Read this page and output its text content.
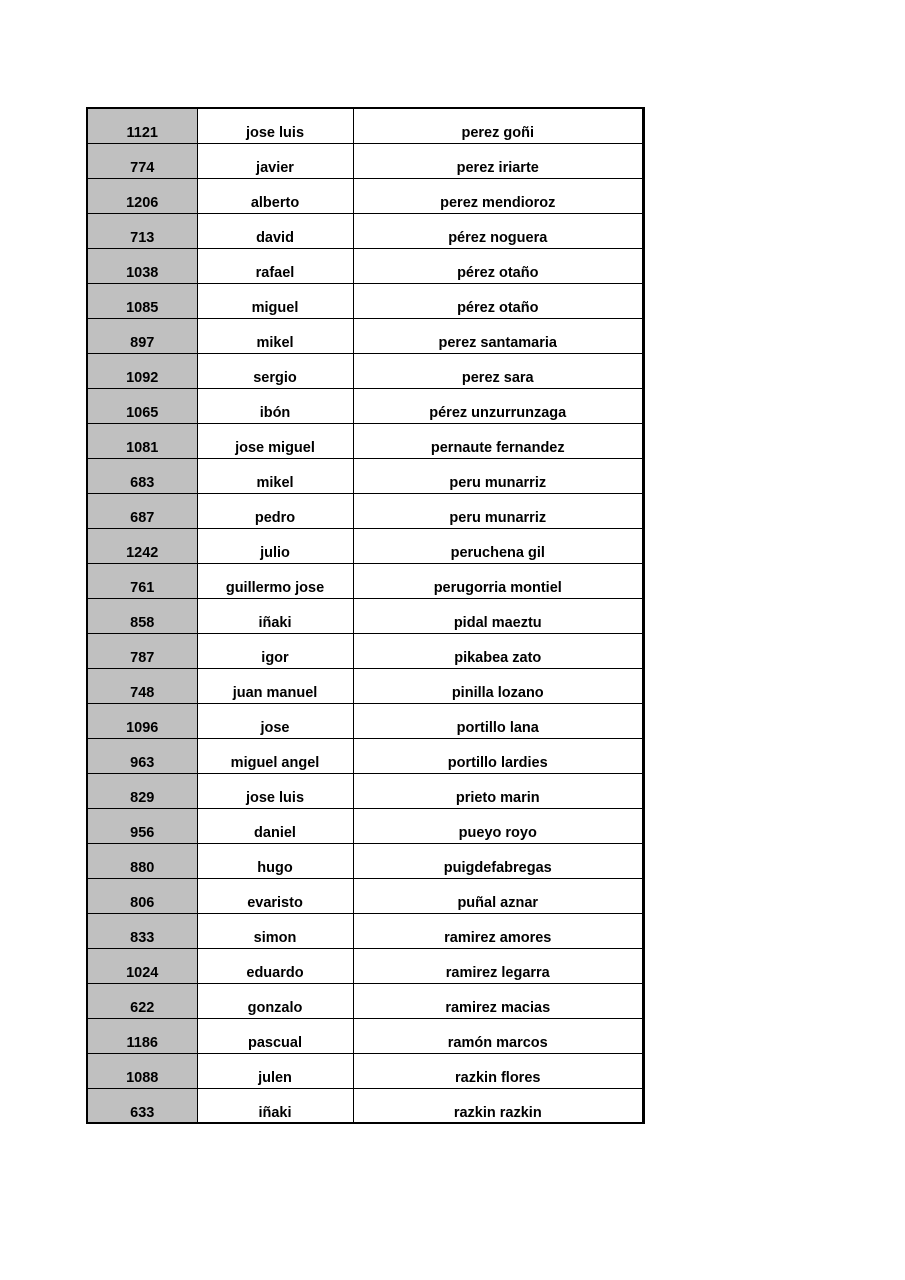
1121	jose luis	perez goñi
774	javier	perez iriarte
1206	alberto	perez mendioroz
713	david	pérez noguera
1038	rafael	pérez otaño
1085	miguel	pérez otaño
897	mikel	perez santamaria
1092	sergio	perez sara
1065	ibón	pérez unzurrunzaga
1081	jose miguel	pernaute fernandez
683	mikel	peru munarriz
687	pedro	peru munarriz
1242	julio	peruchena gil
761	guillermo jose	perugorria montiel
858	iñaki	pidal maeztu
787	igor	pikabea zato
748	juan manuel	pinilla lozano
1096	jose	portillo lana
963	miguel angel	portillo lardies
829	jose luis	prieto marin
956	daniel	pueyo royo
880	hugo	puigdefabregas
806	evaristo	puñal aznar
833	simon	ramirez amores
1024	eduardo	ramirez legarra
622	gonzalo	ramirez macias
1186	pascual	ramón marcos
1088	julen	razkin flores
633	iñaki	razkin razkin
